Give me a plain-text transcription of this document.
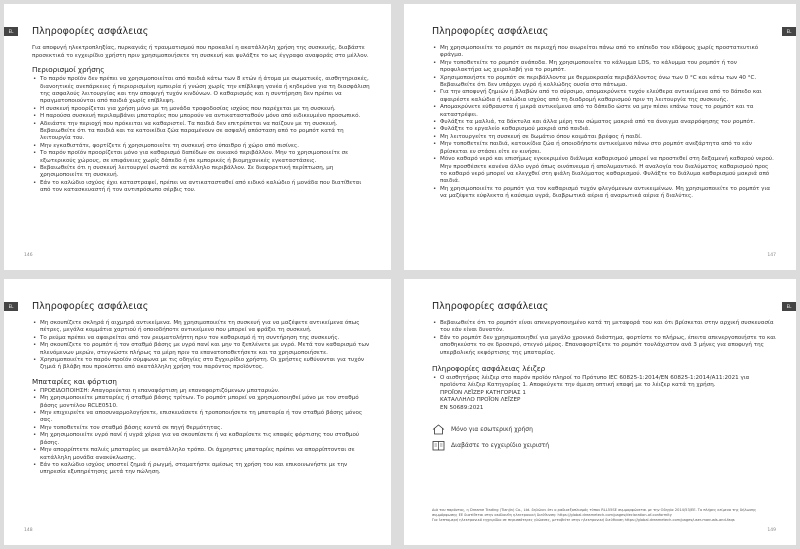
EL	Πληροφορίες ασφάλειας

Για αποφυγή ηλεκτροπληξίας, πυρκαγιάς ή τραυματισμού που προκαλεί η ακατάλληλη χρήση της συσκευής, διαβάστε προσεκτικά το εγχειρίδιο χρήστη πριν χρησιμοποιήσετε τη συσκευή και φυλάξτε το ως έγγραφο αναφοράς στο μέλλον.

Περιορισμοί χρήσης
• Το παρόν προϊόν δεν πρέπει να χρησιμοποιείται από παιδιά κάτω των 8 ετών ή άτομα με σωματικές, αισθητηριακές, διανοητικές ανεπάρκειες ή περιορισμένη εμπειρία ή γνώση χωρίς την επίβλεψη γονέα ή κηδεμόνα για τη διασφάλιση της ασφαλούς λειτουργίας και την αποφυγή τυχόν κινδύνων. Ο καθαρισμός και η συντήρηση δεν πρέπει να πραγματοποιούνται από παιδιά χωρίς επίβλεψη.
• Η συσκευή προορίζεται για χρήση μόνο με τη μονάδα τροφοδοσίας ισχύος που παρέχεται με τη συσκευή.
• Η παρούσα συσκευή περιλαμβάνει μπαταρίες που μπορούν να αντικατασταθούν μόνο από ειδικευμένο προσωπικό.
• Αδειάστε την περιοχή που πρόκειται να καθαριστεί. Τα παιδιά δεν επιτρέπεται να παίζουν με τη συσκευή. Βεβαιωθείτε ότι τα παιδιά και τα κατοικίδια ζώα παραμένουν σε ασφαλή απόσταση από το ρομπότ κατά τη λειτουργία του.
• Μην εγκαθιστάτε, φορτίζετε ή χρησιμοποιείτε τη συσκευή στο ύπαιθρο ή χώρο από πισίνες.
• Το παρόν προϊόν προορίζεται μόνο για καθαρισμό δαπέδων σε οικιακό περιβάλλον. Μην το χρησιμοποιείτε σε εξωτερικούς χώρους, σε επιφάνειες χωρίς δάπεδο ή σε εμπορικές ή βιομηχανικές εγκαταστάσεις.
• Βεβαιωθείτε ότι η συσκευή λειτουργεί σωστά σε κατάλληλο περιβάλλον. Σε διαφορετική περίπτωση, μη χρησιμοποιείτε τη συσκευή.
• Εάν το καλώδιο ισχύος έχει καταστραφεί, πρέπει να αντικατασταθεί από ειδικό καλώδιο ή μονάδα που διατίθεται από τον κατασκευαστή ή τον αντιπρόσωπο σέρβις του.
146
EL
Πληροφορίες ασφάλειας
• Μη χρησιμοποιείτε το ρομπότ σε περιοχή που αιωρείται πάνω από το επίπεδο του εδάφους χωρίς προστατευτικό φράγμα.
• Μην τοποθετείτε το ρομπότ ανάποδα. Μη χρησιμοποιείτε το κάλυμμα LDS, το κάλυμμα του ρομπότ ή τον προφυλακτήρα ως χειρολαβή για το ρομπότ.
• Χρησιμοποιήστε το ρομπότ σε περιβάλλοντα με θερμοκρασία περιβάλλοντος όνω των 0 °C και κάτω των 40 °C. Βεβαιωθείτε ότι δεν υπάρχει υγρό ή κολλώδης ουσία στο πάτωμα.
• Για την αποφυγή ζημιών ή βλαβών από το σύρσιμο, απομακρύνετε τυχόν ελεύθερα αντικείμενα από το δάπεδο και αφαιρέστε καλώδια ή καλώδια ισχύος από τη διαδρομή καθαρισμού πριν τη λειτουργία της συσκευής.
• Απομακρύνετε εύθραυστα ή μικρά αντικείμενα από το δάπεδο ώστε να μην πέσει επάνω τους το ρομπότ και τα καταστρέψει.
• Φυλάξτε τα μαλλιά, τα δάκτυλα και άλλα μέρη του σώματος μακριά από τα άνοιγμα αναρρόφησης του ρομπότ.
• Φυλάξτε το εργαλείο καθαρισμού μακριά από παιδιά.
• Μη λειτουργείτε τη συσκευή σε δωμάτιο όπου κοιμάται βρέφος ή παιδί.
• Μην τοποθετείτε παιδιά, κατοικίδια ζώα ή οποιοδήποτε αντικείμενο πάνω στο ρομπότ ανεξάρτητα από το εάν βρίσκεται εν στάσει είτε εν κινήσει.
• Μόνο καθαρό νερό και επισήμως εγκεκριμένο διάλυμα καθαρισμού μπορεί να προστεθεί στη δεξαμενή καθαρού νερού. Μην προσθέσετε κανένα άλλο υγρό όπως οινόπνευμα ή απολυμαντικό. Η αναλογία του διαλύματος καθαρισμού προς το καθαρό νερό μπορεί να ελεγχθεί στη φιάλη διαλύματος καθαρισμού. Φυλάξτε το διάλυμα καθαρισμού μακριά από παιδιά.
• Μη χρησιμοποιείτε το ρομπότ για τον καθαρισμό τυχόν φλεγόμενων αντικειμένων. Μη χρησιμοποιείτε το ρομπότ για να μαζέψετε εύφλεκτα ή καύσιμα υγρά, διαβρωτικά αέρια ή αναρωτικά αέρια ή διαλύτες.
147
EL	Πληροφορίες ασφάλειας
• Μη σκουπίζετε σκληρά ή αιχμηρά αντικείμενα. Μη χρησιμοποιείτε τη συσκευή για να μαζέψετε αντικείμενα όπως πέτρες, μεγάλα κομμάτια χαρτιού ή οποιοδήποτε αντικείμενο που μπορεί να φράξει τη συσκευή.
• Το ρεύμα πρέπει να αφαιρείται από τον ρευματολήπτη πριν τον καθαρισμό ή τη συντήρηση της συσκευής.
• Μη σκουπίζετε το ρομπότ ή τον σταθμό βάσης με υγρό πανί και μην το ξεπλένετε με υγρό. Μετά τον καθαρισμό των πλενόμενων μερών, στεγνώστε πλήρως τα μέρη πριν τα επανατοποθετήσετε και τα χρησιμοποιήσετε.
• Χρησιμοποιείτε το παρόν προϊόν σύμφωνα με τις οδηγίες στο Εγχειρίδιο χρήστη. Οι χρήστες ευθύνονται για τυχόν ζημιά ή βλάβη που προκύπτει από ακατάλληλη χρήση του παρόντος προϊόντος.
Μπαταρίες και φόρτιση
• ΠΡΟΕΙΔΟΠΟΙΗΣΗ: Απαγορεύεται η επαναφόρτιση μη επαναφορτιζόμενων μπαταριών.
• Μη χρησιμοποιείτε μπαταρίες ή σταθμό βάσης τρίτων. Το ρομπότ μπορεί να χρησιμοποιηθεί μόνο με τον σταθμό βάσης μοντέλου RCLE0510.
• Μην επιχειρείτε να αποσυναρμολογήσετε, επισκευάσετε ή τροποποιήσετε τη μπαταρία ή τον σταθμό βάσης μόνος σας.
• Μην τοποθετείτε τον σταθμό βάσης κοντά σε πηγή θερμότητας.
• Μη χρησιμοποιείτε υγρό πανί ή υγρά χέρια για να σκουπίσετε ή να καθαρίσετε τις επαφές φόρτισης του σταθμού βάσης.
• Μην απορρίπτετε παλιές μπαταρίες με ακατάλληλο τρόπο. Οι άχρηστες μπαταρίες πρέπει να απορρίπτονται σε κατάλληλη μονάδα ανακύκλωσης.
• Εάν το καλώδιο ισχύος υποστεί ζημιά ή ρωγμή, σταματήστε αμέσως τη χρήση του και επικοινωνήστε με την υπηρεσία εξυπηρέτησης μετά την πώληση.
148
EL
Πληροφορίες ασφάλειας
• Βεβαιωθείτε ότι το ρομπότ είναι απενεργοποιημένο κατά τη μεταφορά του και ότι βρίσκεται στην αρχική συσκευασία του εάν είναι δυνατόν.
• Εάν το ρομπότ δεν χρησιμοποιηθεί για μεγάλο χρονικό διάστημα, φορτίστε το πλήρως, έπειτα απενεργοποιήστε το και αποθηκεύστε το σε δροσερό, στεγνό μέρος. Επαναφορτίζετε το ρομπότ τουλάχιστον ανά 3 μήνες για αποφυγή της υπερβολικής εκφόρτισης της μπαταρίας.
Πληροφορίες ασφάλειας λέιζερ
• Ο αισθητήρας λέιζερ στο παρόν προϊόν πληροί το Πρότυπο IEC 60825-1:2014/EN 60825-1:2014/A11:2021 για προϊόντα λέιζερ Κατηγορίας 1. Αποφεύγετε την άμεση οπτική επαφή με το λέιζερ κατά τη χρήση.
ΠΡΟΪΟΝ ΛΕΪΖΕΡ ΚΑΤΗΓΟΡΙΑΣ 1
ΚΑΤΑΛΛΗΛΟ ΠΡΟΪΟΝ ΛΕΪΖΕΡ
EN 50689:2021
Μόνο για εσωτερική χρήση
Διαβάστε το εγχειρίδιο χειριστή
Διά του παρόντος, η Dreame Trading (Tianjin) Co., Ltd. δηλώνει ότι ο ραδιοεξοπλισμός τύπου RLL55SE συμμορφώνεται με την Οδηγία 2014/53/ΕΕ. Το πλήρες κείμενο της δήλωσης συμμόρφωσης ΕΕ διατίθεται στην ακόλουθη ηλεκτρονική διεύθυνση: https://global.dreametech.com/pages/declaration-of-conformity
Για λεπτομερή ηλεκτρονικό εγχειρίδιο σε περισσότερες γλώσσες, μεταβείτε στην ηλεκτρονική διεύθυνση https://global.dreametech.com/pages/user-manuals-and-faqs
149
